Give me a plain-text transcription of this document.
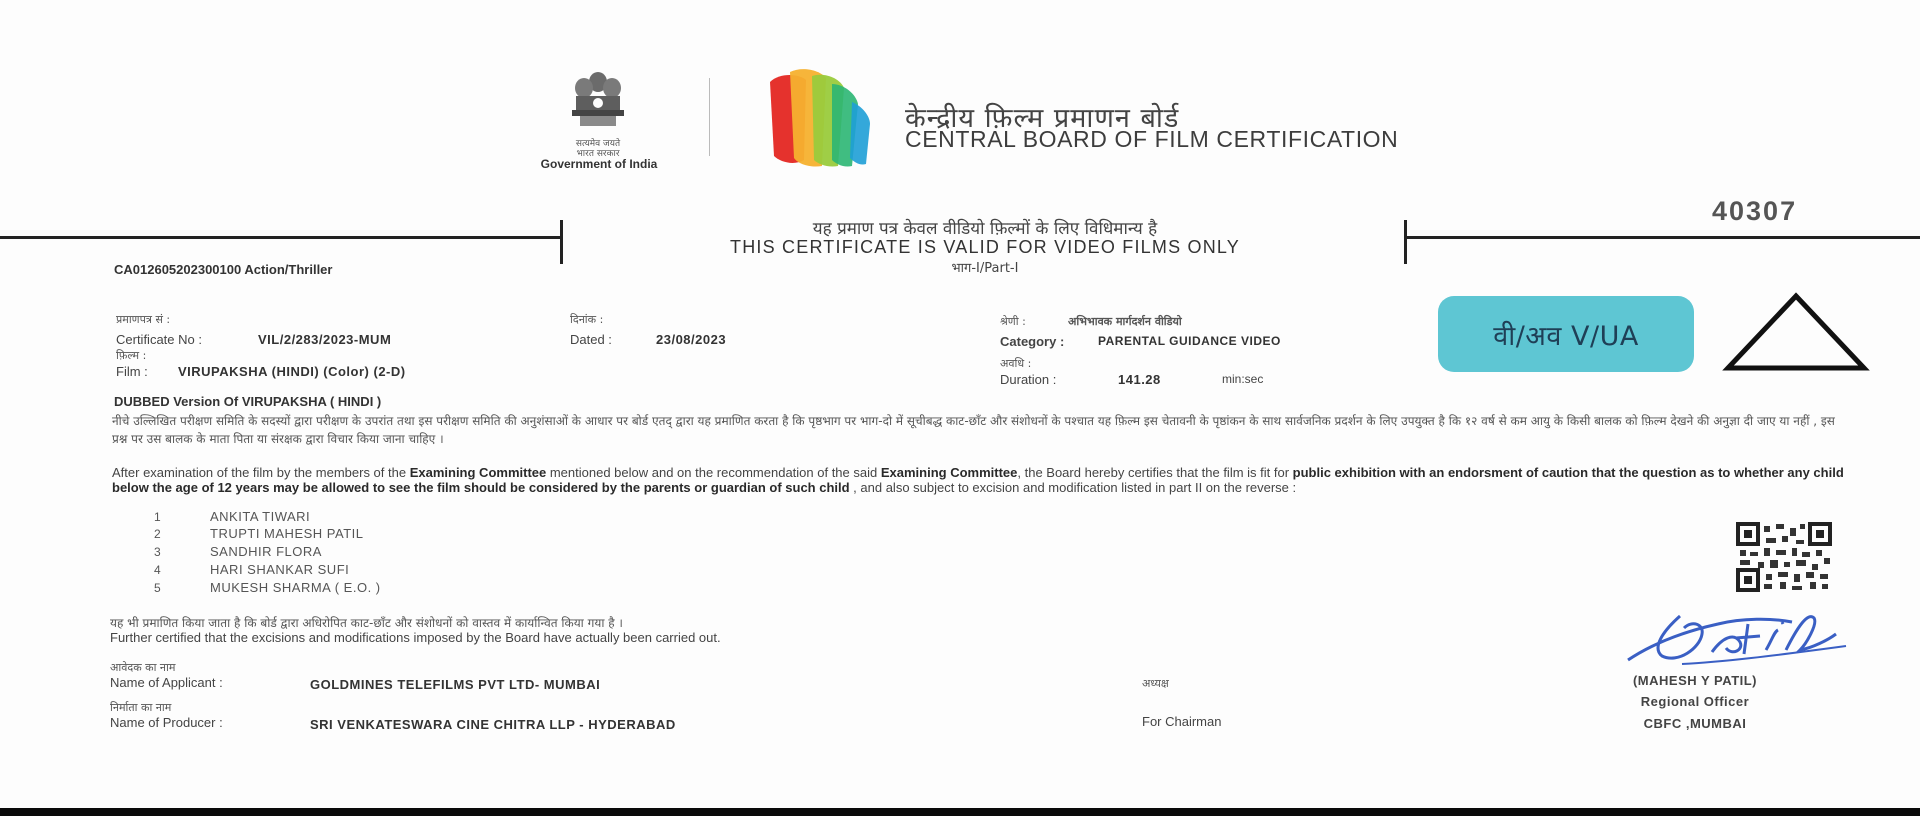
सत्यमेव जयते
भारत सरकार
Government of India
केन्द्रीय फ़िल्म प्रमाणन बोर्ड
CENTRAL BOARD OF FILM CERTIFICATION
40307
यह प्रमाण पत्र केवल वीडियो फ़िल्मों के लिए विधिमान्य है
THIS CERTIFICATE IS VALID FOR VIDEO FILMS ONLY
भाग-I/Part-I
CA012605202300100 Action/Thriller
प्रमाणपत्र सं :
Certificate No :	VIL/2/283/2023-MUM
दिनांक :
Dated :	23/08/2023
फ़िल्म :
Film : VIRUPAKSHA (HINDI) (Color) (2-D)
श्रेणी :	अभिभावक मार्गदर्शन वीडियो
Category :	PARENTAL GUIDANCE VIDEO
अवधि :
Duration :	141.28	min:sec
वी/अव V/UA
DUBBED Version Of VIRUPAKSHA ( HINDI )
नीचे उल्लिखित परीक्षण समिति के सदस्यों द्वारा परीक्षण के उपरांत तथा इस परीक्षण समिति की अनुशंसाओं के आधार पर बोर्ड एतद् द्वारा यह प्रमाणित करता है कि पृष्ठभाग पर भाग-दो में सूचीबद्ध काट-छाँट और संशोधनों के पश्चात यह फ़िल्म इस चेतावनी के पृष्ठांकन के साथ सार्वजनिक प्रदर्शन के लिए उपयुक्त है कि १२ वर्ष से कम आयु के किसी बालक को फ़िल्म देखने की अनुज्ञा दी जाए या नहीं , इस प्रश्न पर उस बालक के माता पिता या संरक्षक द्वारा विचार किया जाना चाहिए ।
After examination of the film by the members of the Examining Committee mentioned below and on the recommendation of the said Examining Committee, the Board hereby certifies that the film is fit for public exhibition with an endorsment of caution that the question as to whether any child below the age of 12 years may be allowed to see the film should be considered by the parents or guardian of such child , and also subject to excision and modification listed in part II on the reverse :
1	ANKITA TIWARI
2	TRUPTI MAHESH PATIL
3	SANDHIR FLORA
4	HARI SHANKAR SUFI
5	MUKESH SHARMA ( E.O. )
यह भी प्रमाणित किया जाता है कि बोर्ड द्वारा अधिरोपित काट-छाँट और संशोधनों को वास्तव में कार्यान्वित किया गया है ।
Further certified that the excisions and modifications imposed by the Board have actually been carried out.
आवेदक का नाम
Name of Applicant :	GOLDMINES TELEFILMS PVT LTD- MUMBAI
निर्माता का नाम
Name of Producer :	SRI VENKATESWARA CINE CHITRA LLP - HYDERABAD
अध्यक्ष
For Chairman
(MAHESH Y PATIL)
Regional Officer
CBFC ,MUMBAI
